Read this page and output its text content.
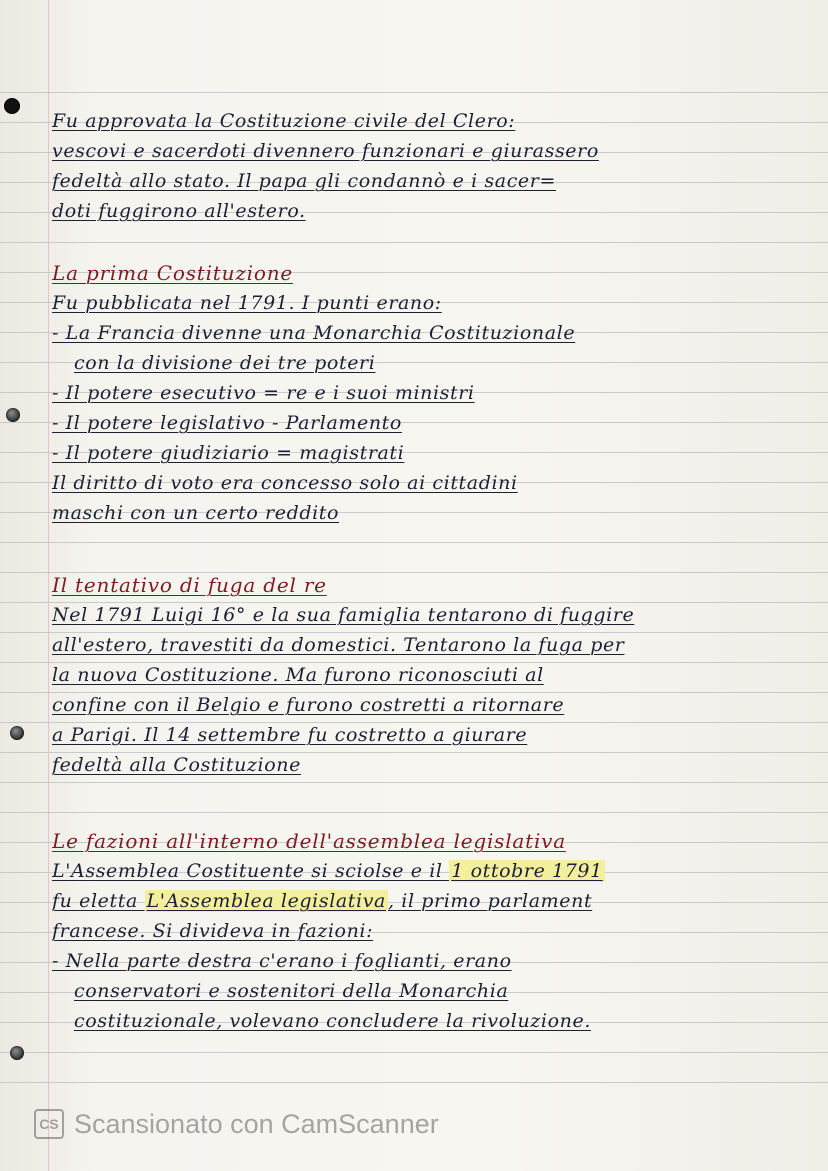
Fu approvata la Costituzione civile del Clero:
vescovi e sacerdoti divennero funzionari e giurassero
fedeltà allo stato. Il papa gli condannò e i sacer=
doti fuggirono all'estero.
La prima Costituzione
Fu pubblicata nel 1791. I punti erano:
- La Francia divenne una Monarchia Costituzionale
con la divisione dei tre poteri
- Il potere esecutivo = re e i suoi ministri
- Il potere legislativo - Parlamento
- Il potere giudiziario = magistrati
Il diritto di voto era concesso solo ai cittadini
maschi con un certo reddito
Il tentativo di fuga del re
Nel 1791 Luigi 16° e la sua famiglia tentarono di fuggire
all'estero, travestiti da domestici. Tentarono la fuga per
la nuova Costituzione. Ma furono riconosciuti al
confine con il Belgio e furono costretti a ritornare
a Parigi. Il 14 settembre fu costretto a giurare
fedeltà alla Costituzione
Le fazioni all'interno dell'assemblea legislativa
L'Assemblea Costituente si sciolse e il 1 ottobre 1791
fu eletta L'Assemblea legislativa , il primo parlament
francese. Si divideva in fazioni:
- Nella parte destra c'erano i foglianti, erano
conservatori e sostenitori della Monarchia
costituzionale, volevano concludere la rivoluzione.
CS Scansionato con CamScanner
